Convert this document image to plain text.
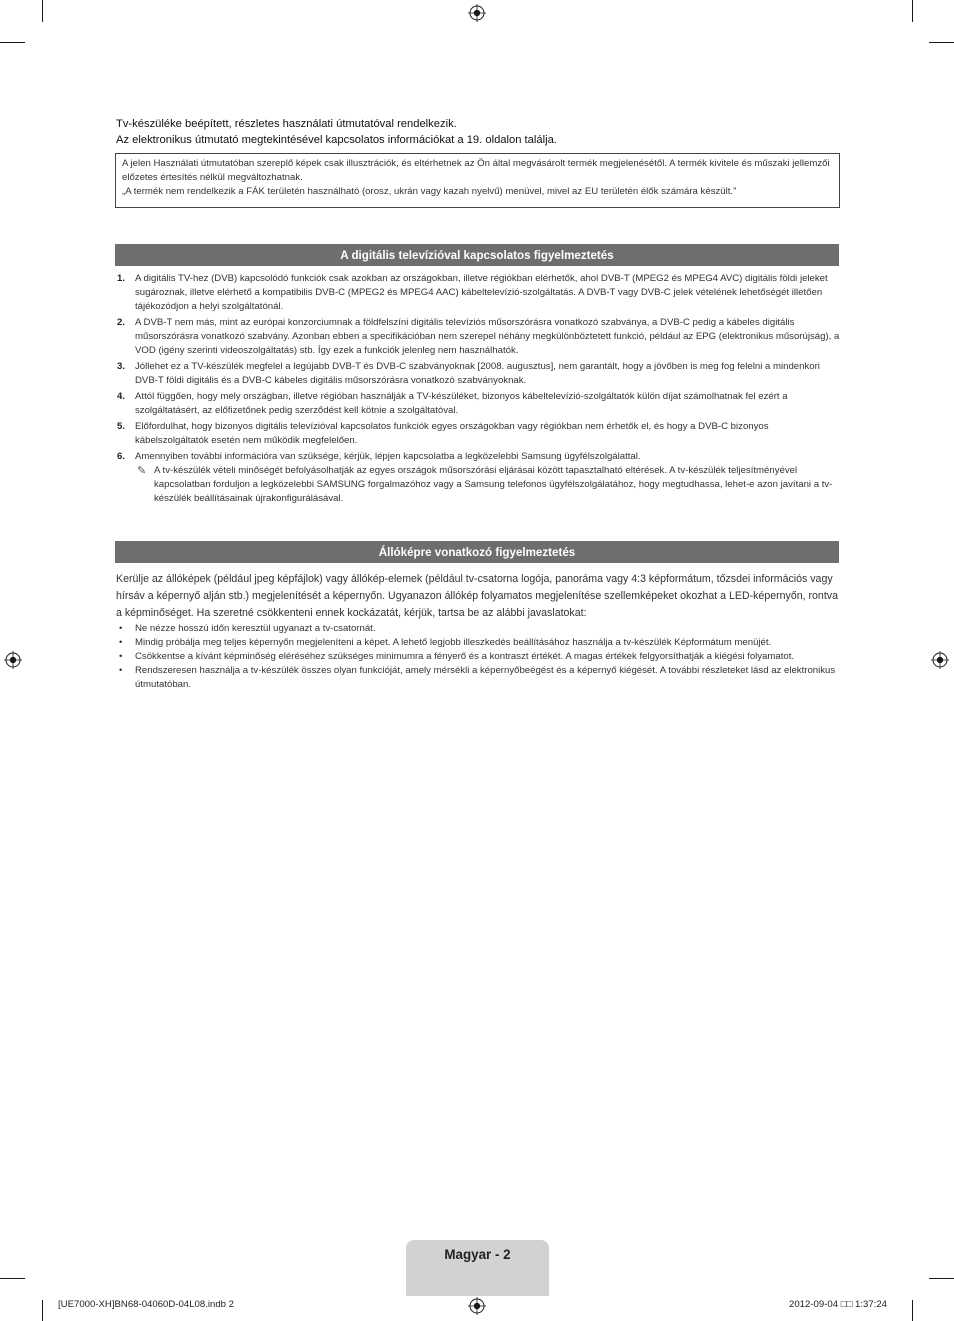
Tv-készüléke beépített, részletes használati útmutatóval rendelkezik.
Az elektronikus útmutató megtekintésével kapcsolatos információkat a 19. oldalon találja.
A jelen Használati útmutatóban szereplő képek csak illusztrációk, és eltérhetnek az Ön által megvásárolt termék megjelenésétől. A termék kivitele és műszaki jellemzői előzetes értesítés nélkül megváltozhatnak.
„A termék nem rendelkezik a FÁK területén használható (orosz, ukrán vagy kazah nyelvű) menüvel, mivel az EU területén élők számára készült.”
A digitális televízióval kapcsolatos figyelmeztetés
1. A digitális TV-hez (DVB) kapcsolódó funkciók csak azokban az országokban, illetve régiókban elérhetők, ahol DVB-T (MPEG2 és MPEG4 AVC) digitális földi jeleket sugároznak, illetve elérhető a kompatibilis DVB-C (MPEG2 és MPEG4 AAC) kábeltelevízió-szolgáltatás. A DVB-T vagy DVB-C jelek vételének lehetőségét illetően tájékozódjon a helyi szolgáltatónál.
2. A DVB-T nem más, mint az európai konzorciumnak a földfelszíni digitális televíziós műsorszórásra vonatkozó szabványa, a DVB-C pedig a kábeles digitális műsorszórásra vonatkozó szabvány. Azonban ebben a specifikációban nem szerepel néhány megkülönböztetett funkció, például az EPG (elektronikus műsorújság), a VOD (igény szerinti videoszolgáltatás) stb. Így ezek a funkciók jelenleg nem használhatók.
3. Jóllehet ez a TV-készülék megfelel a legújabb DVB-T és DVB-C szabványoknak [2008. augusztus], nem garantált, hogy a jövőben is meg fog felelni a mindenkori DVB-T földi digitális és a DVB-C kábeles digitális műsorszórásra vonatkozó szabványoknak.
4. Attól függően, hogy mely országban, illetve régióban használják a TV-készüléket, bizonyos kábeltelevízió-szolgáltatók külön díjat számolhatnak fel ezért a szolgáltatásért, az előfizetőnek pedig szerződést kell kötnie a szolgáltatóval.
5. Előfordulhat, hogy bizonyos digitális televízióval kapcsolatos funkciók egyes országokban vagy régiókban nem érhetők el, és hogy a DVB-C bizonyos kábelszolgáltatók esetén nem működik megfelelően.
6. Amennyiben további információra van szüksége, kérjük, lépjen kapcsolatba a legközelebbi Samsung ügyfélszolgálattal.
✎ A tv-készülék vételi minőségét befolyásolhatják az egyes országok műsorszórási eljárásai között tapasztalható eltérések. A tv-készülék teljesítményével kapcsolatban forduljon a legközelebbi SAMSUNG forgalmazóhoz vagy a Samsung telefonos ügyfélszolgálatához, hogy megtudhassa, lehet-e azon javítani a tv-készülék beállításainak újrakonfigurálásával.
Állóképre vonatkozó figyelmeztetés
Kerülje az állóképek (például jpeg képfájlok) vagy állókép-elemek (például tv-csatorna logója, panoráma vagy 4:3 képformátum, tőzsdei információs vagy hírsáv a képernyő alján stb.) megjelenítését a képernyőn. Ugyanazon állókép folyamatos megjelenítése szellemképeket okozhat a LED-képernyőn, rontva a képminőséget. Ha szeretné csökkenteni ennek kockázatát, kérjük, tartsa be az alábbi javaslatokat:
• Ne nézze hosszú időn keresztül ugyanazt a tv-csatornát.
• Mindig próbálja meg teljes képernyőn megjeleníteni a képet. A lehető legjobb illeszkedés beállításához használja a tv-készülék Képformátum menüjét.
• Csökkentse a kívánt képminőség eléréséhez szükséges minimumra a fényerő és a kontraszt értékét. A magas értékek felgyorsíthatják a kiégési folyamatot.
• Rendszeresen használja a tv-készülék összes olyan funkcióját, amely mérsékli a képernyőbeégést és a képernyő kiégését. A további részleteket lásd az elektronikus útmutatóban.
Magyar - 2
[UE7000-XH]BN68-04060D-04L08.indb 2	2012-09-04 □□ 1:37:24
